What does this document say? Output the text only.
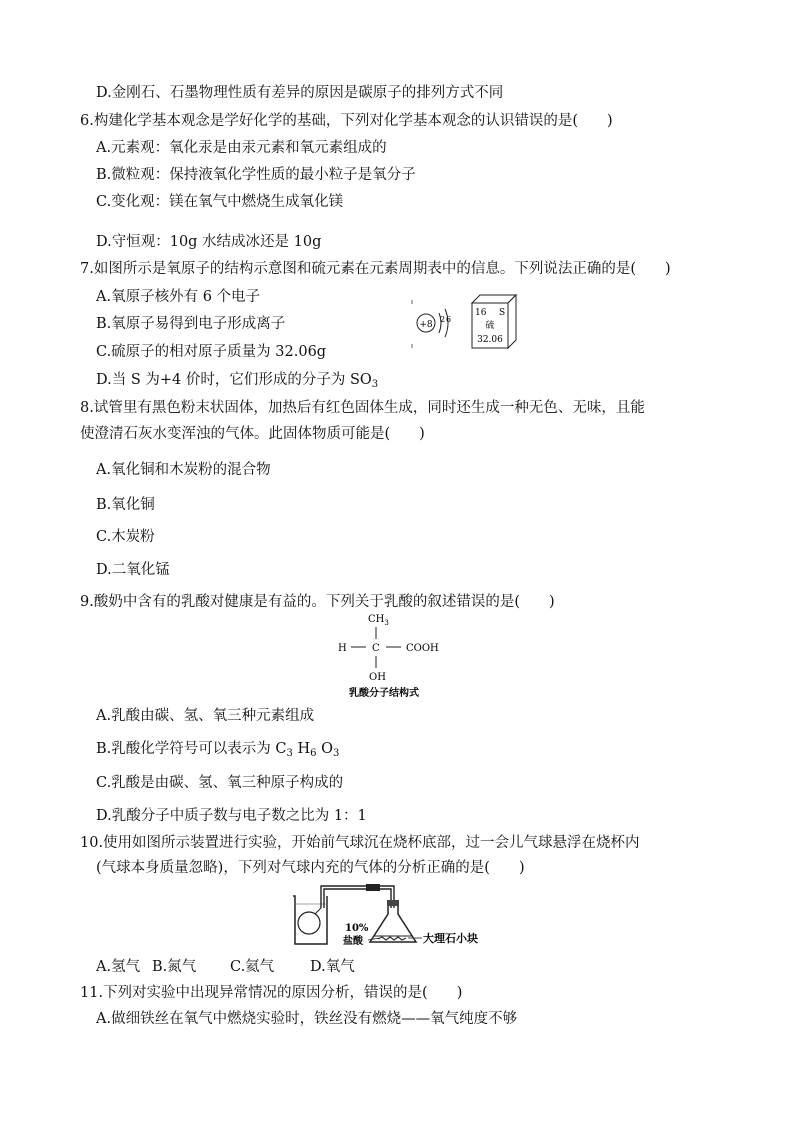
D.金刚石、石墨物理性质有差异的原因是碳原子的排列方式不同
6.构建化学基本观念是学好化学的基础，下列对化学基本观念的认识错误的是(　　)
A.元素观：氧化汞是由汞元素和氧元素组成的
B.微粒观：保持液氧化学性质的最小粒子是氧分子
C.变化观：镁在氧气中燃烧生成氧化镁
D.守恒观：10g 水结成冰还是 10g
7.如图所示是氧原子的结构示意图和硫元素在元素周期表中的信息。下列说法正确的是(　　)
A.氧原子核外有 6 个电子
B.氧原子易得到电子形成离子
C.硫原子的相对原子质量为 32.06g
D.当 S 为+4 价时，它们形成的分子为 $SO_3$
+8
2 6
16 S
硫
32.06
8.试管里有黑色粉末状固体，加热后有红色固体生成，同时还生成一种无色、无味，且能
使澄清石灰水变浑浊的气体。此固体物质可能是(　　)
A.氧化铜和木炭粉的混合物
B.氧化铜
C.木炭粉
D.二氧化锰
9.酸奶中含有的乳酸对健康是有益的。下列关于乳酸的叙述错误的是(　　)
$CH_3$
H	C	COOH
OH
乳酸分子结构式
A.乳酸由碳、氢、氧三种元素组成
B.乳酸化学符号可以表示为 $C_3$ $H_6$ $O_3$
C.乳酸是由碳、氢、氧三种原子构成的
D.乳酸分子中质子数与电子数之比为 1：1
10.使用如图所示装置进行实验，开始前气球沉在烧杯底部，过一会儿气球悬浮在烧杯内
(气球本身质量忽略)，下列对气球内充的气体的分析正确的是(　　)
10%
盐酸	大理石小块
A.氢气 B.氮气 C.氦气 D.氧气
11.下列对实验中出现异常情况的原因分析，错误的是(　　)
A.做细铁丝在氧气中燃烧实验时，铁丝没有燃烧——氧气纯度不够
